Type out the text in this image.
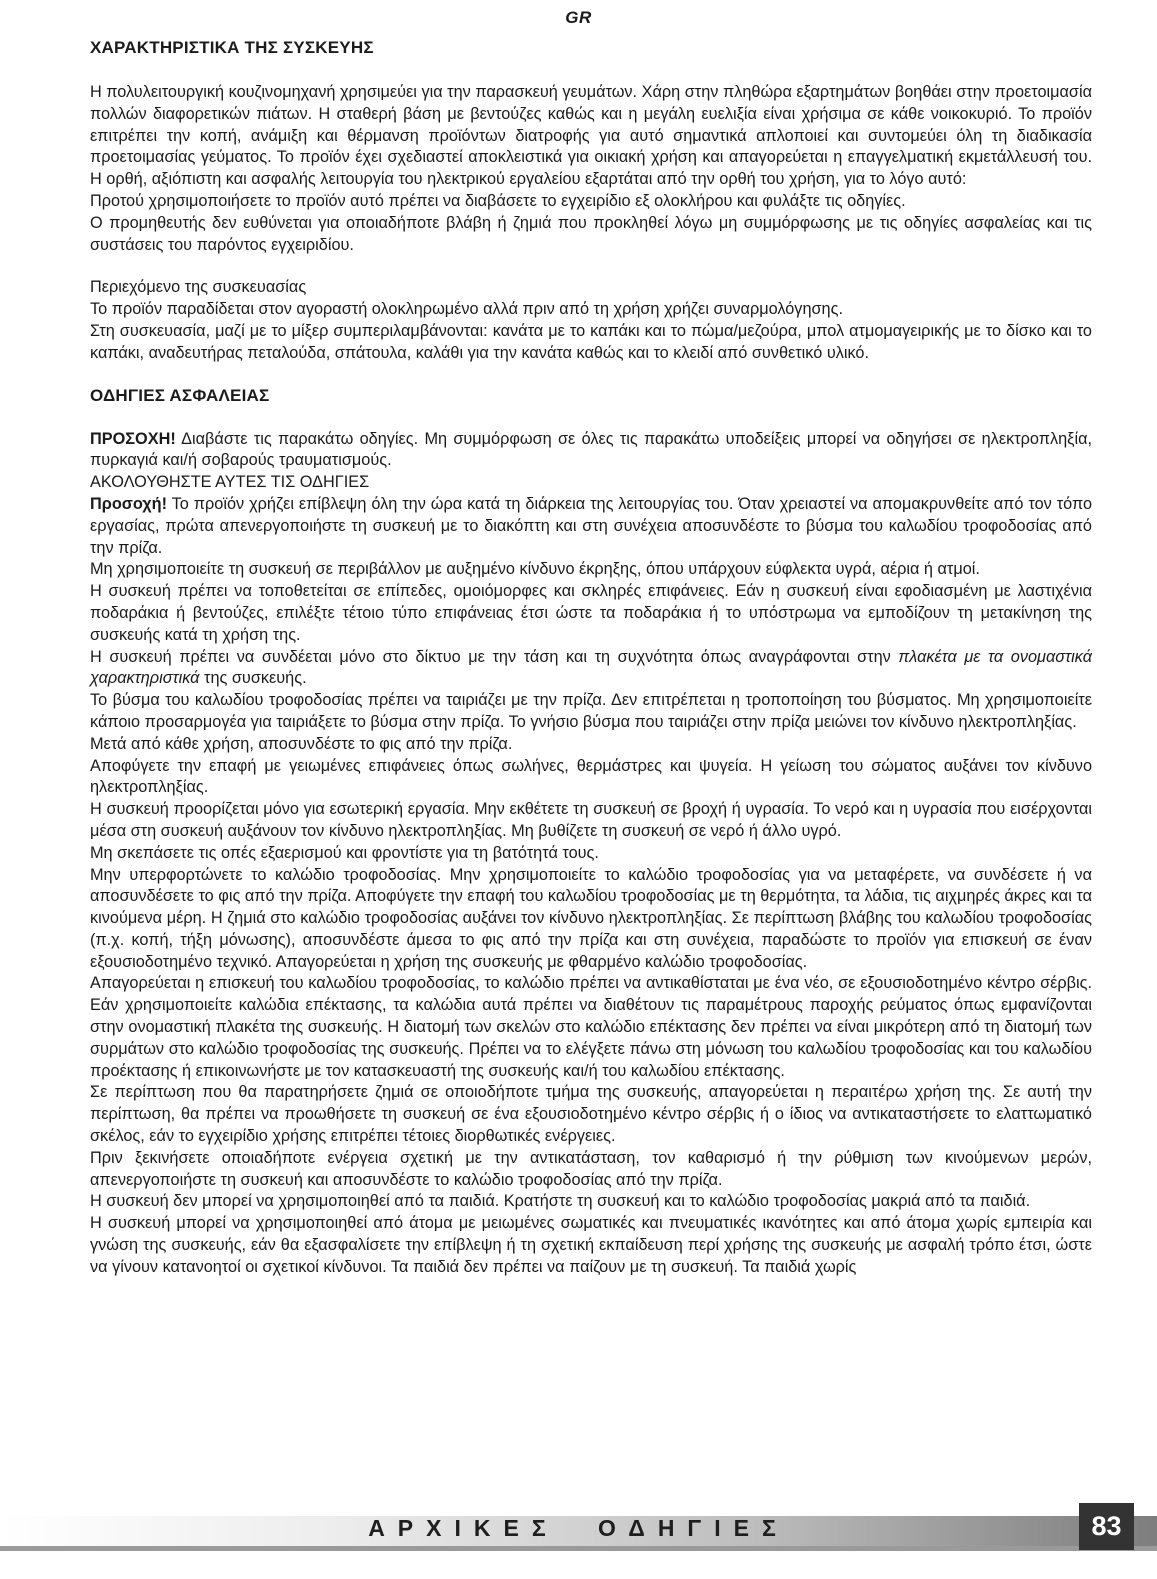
GR
ΧΑΡΑΚΤΗΡΙΣΤΙΚΑ ΤΗΣ ΣΥΣΚΕΥΗΣ

Η πολυλειτουργική κουζινομηχανή χρησιμεύει για την παρασκευή γευμάτων. Χάρη στην πληθώρα εξαρτημάτων βοηθάει στην προετοιμασία πολλών διαφορετικών πιάτων. Η σταθερή βάση με βεντούζες καθώς και η μεγάλη ευελιξία είναι χρήσιμα σε κάθε νοικοκυριό. Το προϊόν επιτρέπει την κοπή, ανάμιξη και θέρμανση προϊόντων διατροφής για αυτό σημαντικά απλοποιεί και συντομεύει όλη τη διαδικασία προετοιμασίας γεύματος. Το προϊόν έχει σχεδιαστεί αποκλειστικά για οικιακή χρήση και απαγορεύεται η επαγγελματική εκμετάλλευσή του. Η ορθή, αξιόπιστη και ασφαλής λειτουργία του ηλεκτρικού εργαλείου εξαρτάται από την ορθή του χρήση, για το λόγο αυτό:

Προτού χρησιμοποιήσετε το προϊόν αυτό πρέπει να διαβάσετε το εγχειρίδιο εξ ολοκλήρου και φυλάξτε τις οδηγίες.

Ο προμηθευτής δεν ευθύνεται για οποιαδήποτε βλάβη ή ζημιά που προκληθεί λόγω μη συμμόρφωσης με τις οδηγίες ασφαλείας και τις συστάσεις του παρόντος εγχειριδίου.

Περιεχόμενο της συσκευασίας

Το προϊόν παραδίδεται στον αγοραστή ολοκληρωμένο αλλά πριν από τη χρήση χρήζει συναρμολόγησης.

Στη συσκευασία, μαζί με το μίξερ συμπεριλαμβάνονται: κανάτα με το καπάκι και το πώμα/μεζούρα, μπολ ατμομαγειρικής με το δίσκο και το καπάκι, αναδευτήρας πεταλούδα, σπάτουλα, καλάθι για την κανάτα καθώς και το κλειδί από συνθετικό υλικό.

ΟΔΗΓΙΕΣ ΑΣΦΑΛΕΙΑΣ

ΠΡΟΣΟΧΗ! Διαβάστε τις παρακάτω οδηγίες. Μη συμμόρφωση σε όλες τις παρακάτω υποδείξεις μπορεί να οδηγήσει σε ηλεκτροπληξία, πυρκαγιά και/ή σοβαρούς τραυματισμούς.

ΑΚΟΛΟΥΘΗΣΤΕ ΑΥΤΕΣ ΤΙΣ ΟΔΗΓΙΕΣ

Προσοχή! Το προϊόν χρήζει επίβλεψη όλη την ώρα κατά τη διάρκεια της λειτουργίας του. Όταν χρειαστεί να απομακρυνθείτε από τον τόπο εργασίας, πρώτα απενεργοποιήστε τη συσκευή με το διακόπτη και στη συνέχεια αποσυνδέστε το βύσμα του καλωδίου τροφοδοσίας από την πρίζα.

Μη χρησιμοποιείτε τη συσκευή σε περιβάλλον με αυξημένο κίνδυνο έκρηξης, όπου υπάρχουν εύφλεκτα υγρά, αέρια ή ατμοί.

Η συσκευή πρέπει να τοποθετείται σε επίπεδες, ομοιόμορφες και σκληρές επιφάνειες. Εάν η συσκευή είναι εφοδιασμένη με λαστιχένια ποδαράκια ή βεντούζες, επιλέξτε τέτοιο τύπο επιφάνειας έτσι ώστε τα ποδαράκια ή το υπόστρωμα να εμποδίζουν τη μετακίνηση της συσκευής κατά τη χρήση της.

Η συσκευή πρέπει να συνδέεται μόνο στο δίκτυο με την τάση και τη συχνότητα όπως αναγράφονται στην πλακέτα με τα ονομαστικά χαρακτηριστικά της συσκευής.

Το βύσμα του καλωδίου τροφοδοσίας πρέπει να ταιριάζει με την πρίζα. Δεν επιτρέπεται η τροποποίηση του βύσματος. Μη χρησιμοποιείτε κάποιο προσαρμογέα για ταιριάξετε το βύσμα στην πρίζα. Το γνήσιο βύσμα που ταιριάζει στην πρίζα μειώνει τον κίνδυνο ηλεκτροπληξίας.

Μετά από κάθε χρήση, αποσυνδέστε το φις από την πρίζα.

Αποφύγετε την επαφή με γειωμένες επιφάνειες όπως σωλήνες, θερμάστρες και ψυγεία. Η γείωση του σώματος αυξάνει τον κίνδυνο ηλεκτροπληξίας.

Η συσκευή προορίζεται μόνο για εσωτερική εργασία. Μην εκθέτετε τη συσκευή σε βροχή ή υγρασία. Το νερό και η υγρασία που εισέρχονται μέσα στη συσκευή αυξάνουν τον κίνδυνο ηλεκτροπληξίας. Μη βυθίζετε τη συσκευή σε νερό ή άλλο υγρό.

Μη σκεπάσετε τις οπές εξαερισμού και φροντίστε για τη βατότητά τους.

Μην υπερφορτώνετε το καλώδιο τροφοδοσίας. Μην χρησιμοποιείτε το καλώδιο τροφοδοσίας για να μεταφέρετε, να συνδέσετε ή να αποσυνδέσετε το φις από την πρίζα. Αποφύγετε την επαφή του καλωδίου τροφοδοσίας με τη θερμότητα, τα λάδια, τις αιχμηρές άκρες και τα κινούμενα μέρη. Η ζημιά στο καλώδιο τροφοδοσίας αυξάνει τον κίνδυνο ηλεκτροπληξίας. Σε περίπτωση βλάβης του καλωδίου τροφοδοσίας (π.χ. κοπή, τήξη μόνωσης), αποσυνδέστε άμεσα το φις από την πρίζα και στη συνέχεια, παραδώστε το προϊόν για επισκευή σε έναν εξουσιοδοτημένο τεχνικό. Απαγορεύεται η χρήση της συσκευής με φθαρμένο καλώδιο τροφοδοσίας.

Απαγορεύεται η επισκευή του καλωδίου τροφοδοσίας, το καλώδιο πρέπει να αντικαθίσταται με ένα νέο, σε εξουσιοδοτημένο κέντρο σέρβις. Εάν χρησιμοποιείτε καλώδια επέκτασης, τα καλώδια αυτά πρέπει να διαθέτουν τις παραμέτρους παροχής ρεύματος όπως εμφανίζονται στην ονομαστική πλακέτα της συσκευής. Η διατομή των σκελών στο καλώδιο επέκτασης δεν πρέπει να είναι μικρότερη από τη διατομή των συρμάτων στο καλώδιο τροφοδοσίας της συσκευής. Πρέπει να το ελέγξετε πάνω στη μόνωση του καλωδίου τροφοδοσίας και του καλωδίου προέκτασης ή επικοινωνήστε με τον κατασκευαστή της συσκευής και/ή του καλωδίου επέκτασης.

Σε περίπτωση που θα παρατηρήσετε ζημιά σε οποιοδήποτε τμήμα της συσκευής, απαγορεύεται η περαιτέρω χρήση της. Σε αυτή την περίπτωση, θα πρέπει να προωθήσετε τη συσκευή σε ένα εξουσιοδοτημένο κέντρο σέρβις ή ο ίδιος να αντικαταστήσετε το ελαττωματικό σκέλος, εάν το εγχειρίδιο χρήσης επιτρέπει τέτοιες διορθωτικές ενέργειες.

Πριν ξεκινήσετε οποιαδήποτε ενέργεια σχετική με την αντικατάσταση, τον καθαρισμό ή την ρύθμιση των κινούμενων μερών, απενεργοποιήστε τη συσκευή και αποσυνδέστε το καλώδιο τροφοδοσίας από την πρίζα.

Η συσκευή δεν μπορεί να χρησιμοποιηθεί από τα παιδιά. Κρατήστε τη συσκευή και το καλώδιο τροφοδοσίας μακριά από τα παιδιά.

Η συσκευή μπορεί να χρησιμοποιηθεί από άτομα με μειωμένες σωματικές και πνευματικές ικανότητες και από άτομα χωρίς εμπειρία και γνώση της συσκευής, εάν θα εξασφαλίσετε την επίβλεψη ή τη σχετική εκπαίδευση περί χρήσης της συσκευής με ασφαλή τρόπο έτσι, ώστε να γίνουν κατανοητοί οι σχετικοί κίνδυνοι. Τα παιδιά δεν πρέπει να παίζουν με τη συσκευή. Τα παιδιά χωρίς

ΑΡΧΙΚΕΣ ΟΔΗΓΙΕΣ	83
